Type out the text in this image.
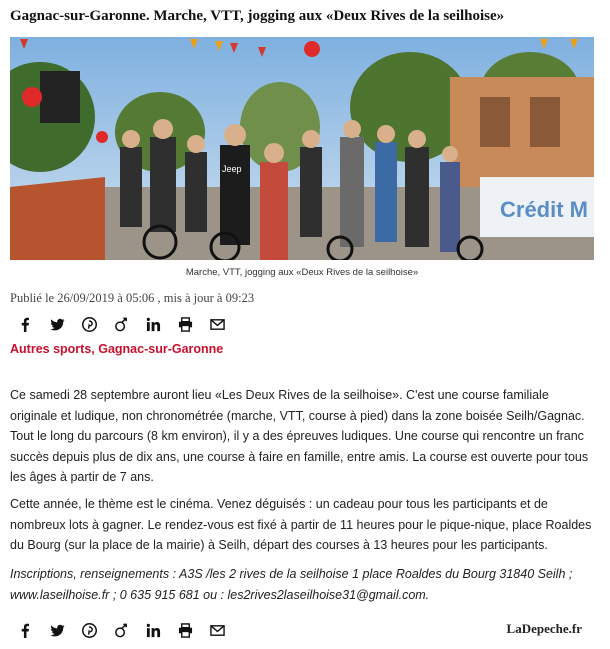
Gagnac-sur-Garonne. Marche, VTT, jogging aux «Deux Rives de la seilhoise»
Crédit M
Jeep
Marche, VTT, jogging aux «Deux Rives de la seilhoise»
Publié le 26/09/2019 à 05:06 , mis à jour à 09:23
Autres sports, Gagnac-sur-Garonne

Ce samedi 28 septembre auront lieu «Les Deux Rives de la seilhoise». C'est une course familiale originale et ludique, non chronométrée (marche, VTT, course à pied) dans la zone boisée Seilh/Gagnac. Tout le long du parcours (8 km environ), il y a des épreuves ludiques. Une course qui rencontre un franc succès depuis plus de dix ans, une course à faire en famille, entre amis. La course est ouverte pour tous les âges à partir de 7 ans.

Cette année, le thème est le cinéma. Venez déguisés : un cadeau pour tous les participants et de nombreux lots à gagner. Le rendez-vous est fixé à partir de 11 heures pour le pique-nique, place Roaldes du Bourg (sur la place de la mairie) à Seilh, départ des courses à 13 heures pour les participants.

Inscriptions, renseignements : A3S /les 2 rives de la seilhoise 1 place Roaldes du Bourg 31840 Seilh ; www.laseilhoise.fr ; 0 635 915 681 ou : les2rives2laseilhoise31@gmail.com.

LaDepeche.fr
